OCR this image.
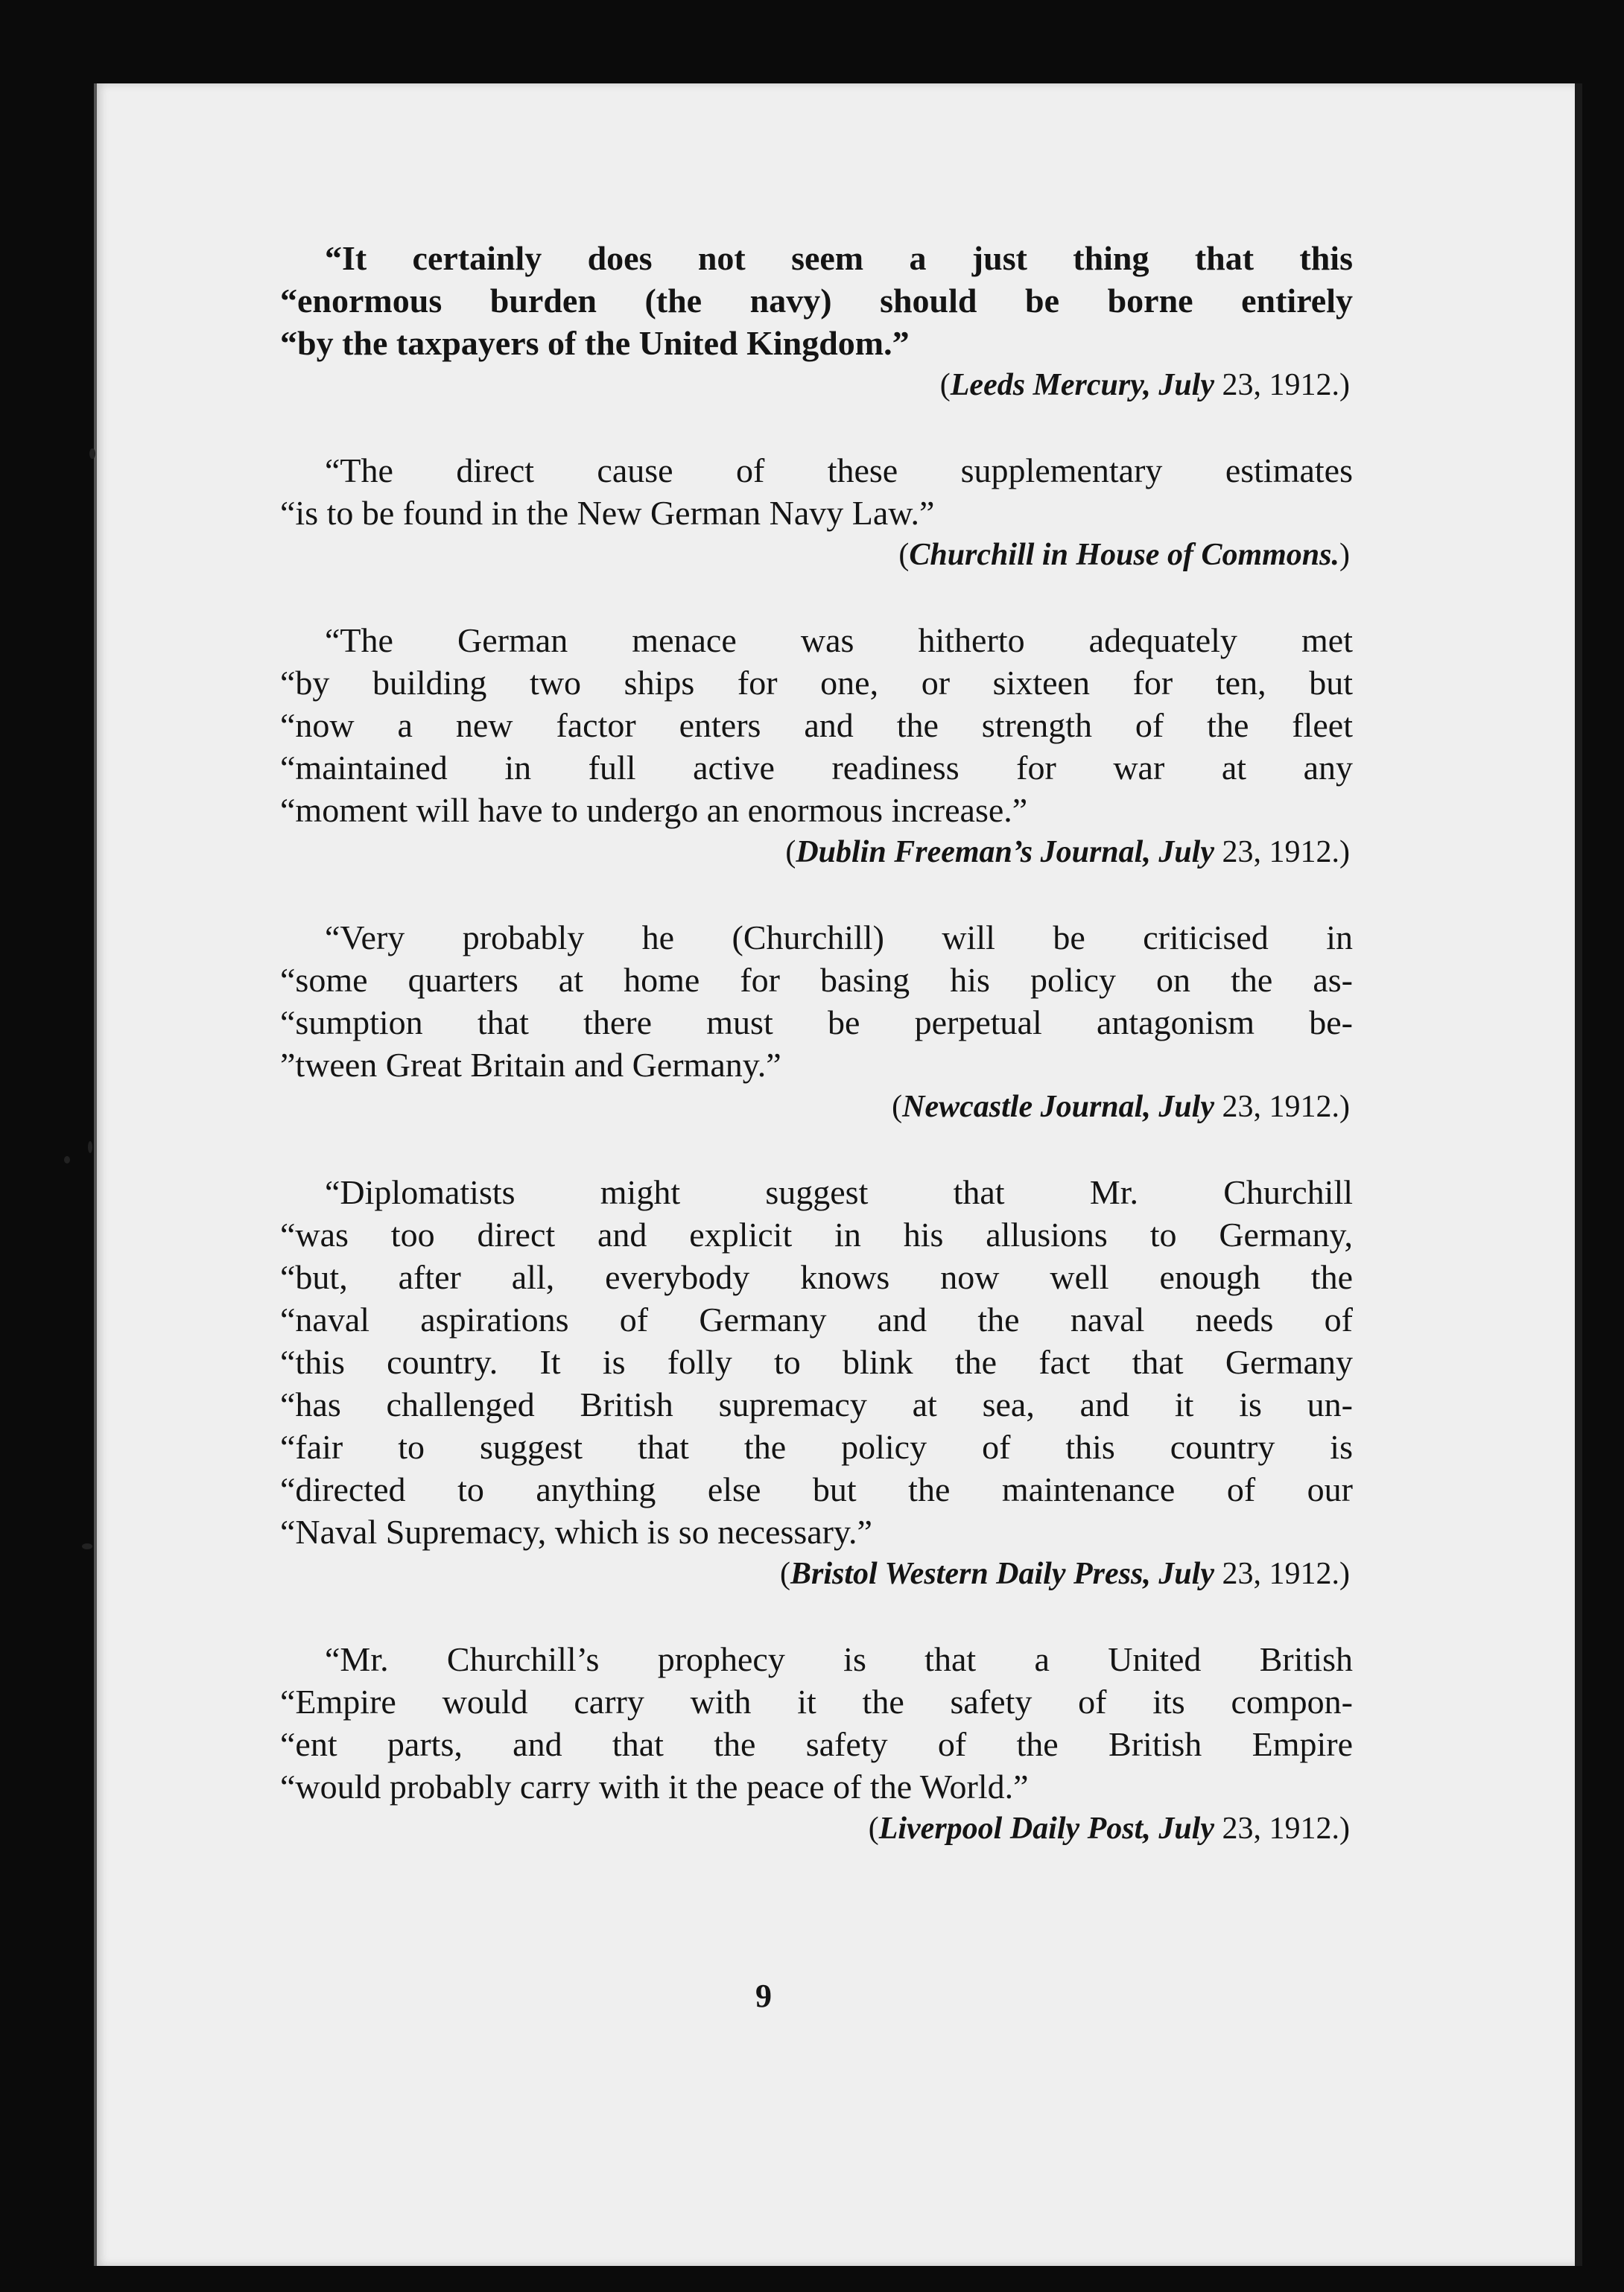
“It certainly does not seem a just thing that this
“enormous burden (the navy) should be borne entirely
“by the taxpayers of the United Kingdom.”
(Leeds Mercury, July 23, 1912.)
“The direct cause of these supplementary estimates
“is to be found in the New German Navy Law.”
(Churchill in House of Commons.)
“The German menace was hitherto adequately met
“by building two ships for one, or sixteen for ten, but
“now a new factor enters and the strength of the fleet
“maintained in full active readiness for war at any
“moment will have to undergo an enormous increase.”
(Dublin Freeman’s Journal, July 23, 1912.)
“Very probably he (Churchill) will be criticised in
“some quarters at home for basing his policy on the as-
“sumption that there must be perpetual antagonism be-
”tween Great Britain and Germany.”
(Newcastle Journal, July 23, 1912.)
“Diplomatists might suggest that Mr. Churchill
“was too direct and explicit in his allusions to Germany,
“but, after all, everybody knows now well enough the
“naval aspirations of Germany and the naval needs of
“this country. It is folly to blink the fact that Germany
“has challenged British supremacy at sea, and it is un-
“fair to suggest that the policy of this country is
“directed to anything else but the maintenance of our
“Naval Supremacy, which is so necessary.”
(Bristol Western Daily Press, July 23, 1912.)
“Mr. Churchill’s prophecy is that a United British
“Empire would carry with it the safety of its compon-
“ent parts, and that the safety of the British Empire
“would probably carry with it the peace of the World.”
(Liverpool Daily Post, July 23, 1912.)
9
